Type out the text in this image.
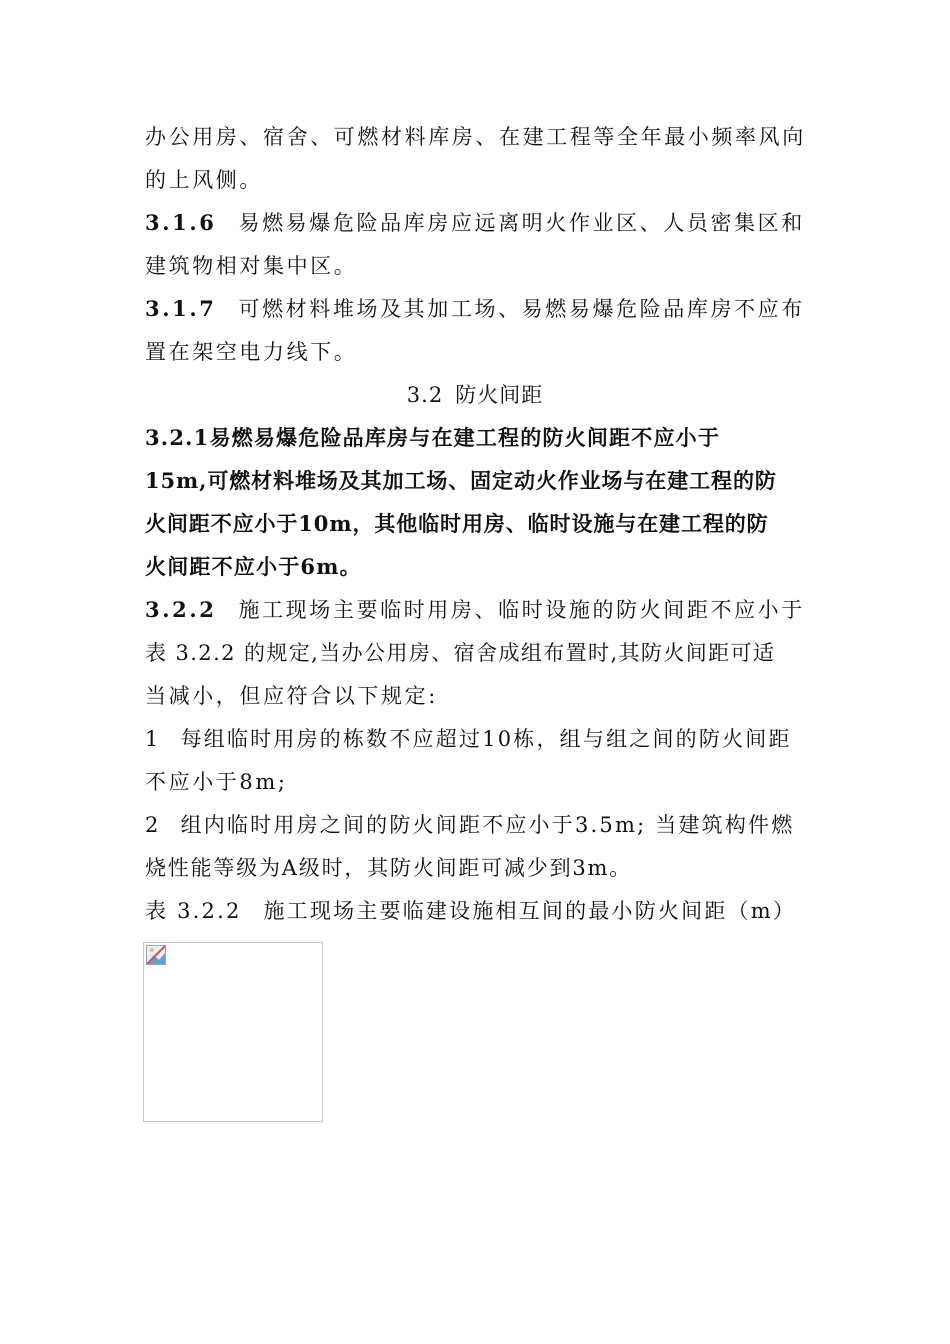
办公用房、宿舍、可燃材料库房、在建工程等全年最小频率风向
的上风侧。
3.1.6 易燃易爆危险品库房应远离明火作业区、人员密集区和
建筑物相对集中区。
3.1.7 可燃材料堆场及其加工场、易燃易爆危险品库房不应布
置在架空电力线下。
3.2 防火间距
3.2.1易燃易爆危险品库房与在建工程的防火间距不应小于
15m,可燃材料堆场及其加工场、固定动火作业场与在建工程的防
火间距不应小于10m，其他临时用房、临时设施与在建工程的防
火间距不应小于6m。
3.2.2 施工现场主要临时用房、临时设施的防火间距不应小于
表 3.2.2 的规定,当办公用房、宿舍成组布置时,其防火间距可适
当减小，但应符合以下规定:
1 每组临时用房的栋数不应超过10栋，组与组之间的防火间距
不应小于8m;
2 组内临时用房之间的防火间距不应小于3.5m; 当建筑构件燃
烧性能等级为A级时，其防火间距可减少到3m。
表 3.2.2 施工现场主要临建设施相互间的最小防火间距（m）
